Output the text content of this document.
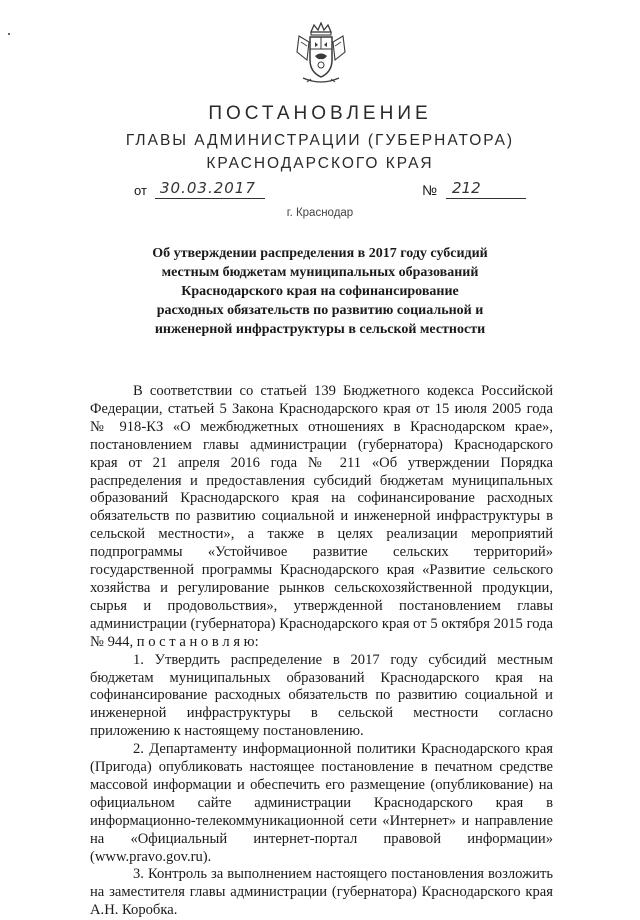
ПОСТАНОВЛЕНИЕ
ГЛАВЫ АДМИНИСТРАЦИИ (ГУБЕРНАТОРА)
КРАСНОДАРСКОГО КРАЯ
от 30.03.2017	№ 212
г. Краснодар
Об утверждении распределения в 2017 году субсидий местным бюджетам муниципальных образований Краснодарского края на софинансирование расходных обязательств по развитию социальной и инженерной инфраструктуры в сельской местности

В соответствии со статьей 139 Бюджетного кодекса Российской Федерации, статьей 5 Закона Краснодарского края от 15 июля 2005 года № 918-КЗ «О межбюджетных отношениях в Краснодарском крае», постановлением главы администрации (губернатора) Краснодарского края от 21 апреля 2016 года № 211 «Об утверждении Порядка распределения и предоставления субсидий бюджетам муниципальных образований Краснодарского края на софинансирование расходных обязательств по развитию социальной и инженерной инфраструктуры в сельской местности», а также в целях реализации мероприятий подпрограммы «Устойчивое развитие сельских территорий» государственной программы Краснодарского края «Развитие сельского хозяйства и регулирование рынков сельскохозяйственной продукции, сырья и продовольствия», утвержденной постановлением главы администрации (губернатора) Краснодарского края от 5 октября 2015 года № 944, п о с т а н о в л я ю:

1. Утвердить распределение в 2017 году субсидий местным бюджетам муниципальных образований Краснодарского края на софинансирование расходных обязательств по развитию социальной и инженерной инфраструктуры в сельской местности согласно приложению к настоящему постановлению.

2. Департаменту информационной политики Краснодарского края (Пригода) опубликовать настоящее постановление в печатном средстве массовой информации и обеспечить его размещение (опубликование) на официальном сайте администрации Краснодарского края в информационно-телекоммуникационной сети «Интернет» и направление на «Официальный интернет-портал правовой информации» (www.pravo.gov.ru).

3. Контроль за выполнением настоящего постановления возложить на заместителя главы администрации (губернатора) Краснодарского края А.Н. Коробка.
